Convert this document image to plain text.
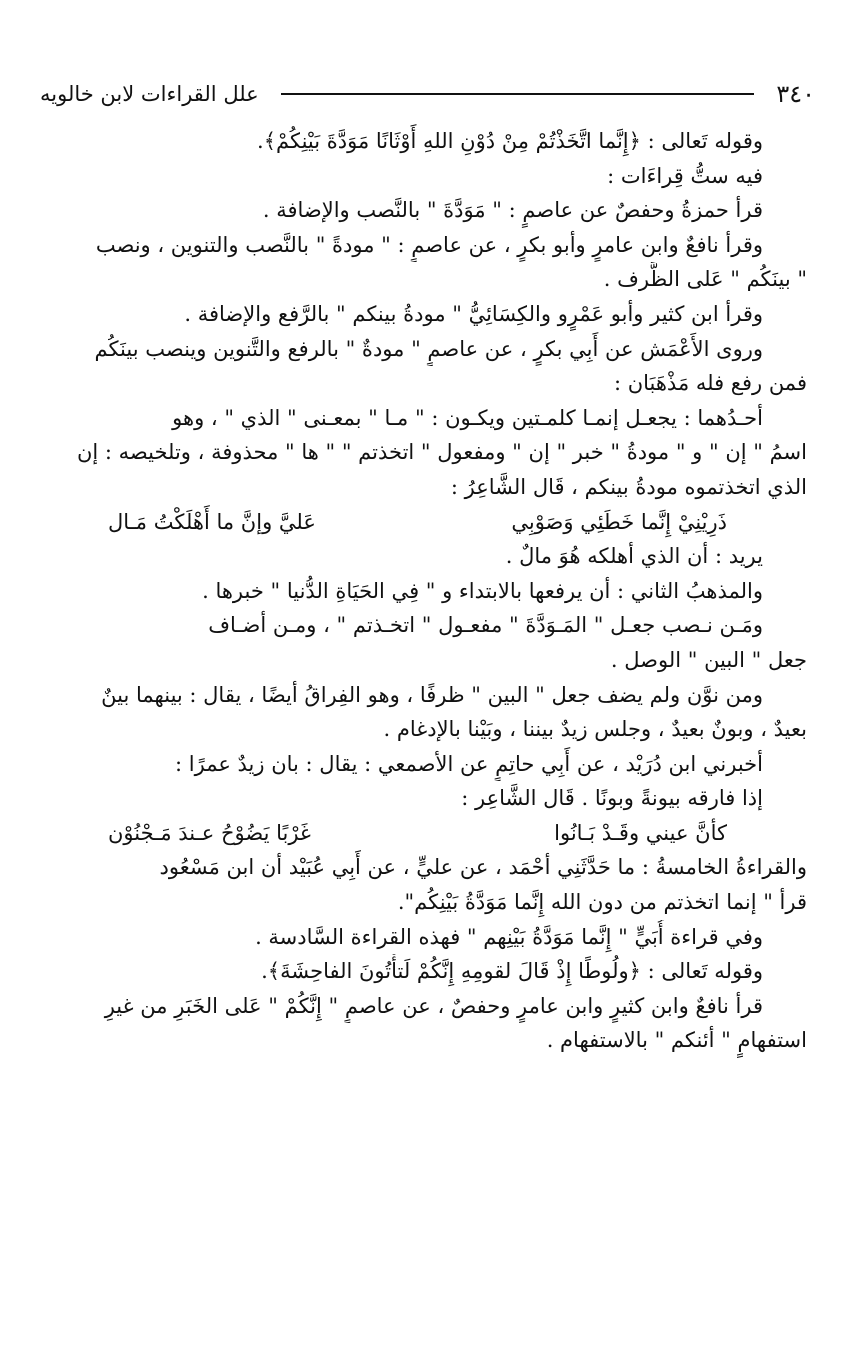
٣٤٠
علل القراءات لابن خالويه

وقوله تَعالى : ﴿إِنَّما اتَّخَذْتُمْ مِنْ دُوْنِ اللهِ أَوْثَانًا مَوَدَّةَ بَيْنِكُمْ﴾.

فيه ستُّ قِراءَات :

قرأ حمزةُ وحفصٌ عن عاصمٍ : " مَوَدَّةَ " بالنَّصب والإضافة .

وقرأ نافعٌ وابن عامرٍ وأبو بكرٍ ، عن عاصمٍ : " مودةً " بالنَّصب والتنوين ، ونصب

" بينَكُم " عَلى الظَّرف .

وقرأ ابن كثير وأبو عَمْرٍو والكِسَائِيُّ " مودةُ بينكم " بالرَّفع والإضافة .

وروى الأَعْمَش عن أَبِي بكرٍ ، عن عاصمٍ " مودةٌ " بالرفع والتَّنوين وينصب بينَكُم

فمن رفع فله مَذْهَبَان :

أحـدُهما : يجعـل إنمـا كلمـتين ويكـون : " مـا " بمعـنى " الذي " ، وهو

اسمُ " إن " و " مودةُ " خبر " إن " ومفعول " اتخذتم " " ها " محذوفة ، وتلخيصه : إن

الذي اتخذتموه مودةُ بينكم ، قَال الشَّاعِرُ :

ذَرِيْنِيْ إِنَّما خَطَئِي وَصَوْبِي
عَليَّ وإنَّ ما أَهْلَكْتُ مَـال

يريد : أن الذي أهلكه هُوَ مالٌ .

والمذهبُ الثاني : أن يرفعها بالابتداء و " فِي الحَيَاةِ الدُّنيا " خبرها .

ومَـن نـصب جعـل " المَـوَدَّةَ " مفعـول " اتخـذتم " ، ومـن أضـاف

جعل " البين " الوصل .

ومن نوَّن ولم يضف جعل " البين " ظرفًا ، وهو الفِراقُ أيضًا ، يقال : بينهما بينٌ

بعيدٌ ، وبونٌ بعيدٌ ، وجلس زيدٌ بيننا ، وبَيْنا بالإدغام .

أخبرني ابن دُرَيْد ، عن أَبِي حاتِمٍ عن الأصمعي : يقال : بان زيدٌ عمرًا :

إذا فارقه بيونةً وبونًا . قَال الشَّاعِر :

كأنَّ عيني وقَـدْ بَـانُوا
غَرْبًا يَضُوْحُ عـندَ مَـجْنُوْن

والقراءةُ الخامسةُ : ما حَدَّثَنِي أحْمَد ، عن عليٍّ ، عن أَبِي عُبَيْد أن ابن مَسْعُود

قرأ " إنما اتخذتم من دون الله إِنَّما مَوَدَّةُ بَيْنِكُم".

وفي قراءة أُبَيٍّ " إِنَّما مَوَدَّةُ بَيْنِهم " فهذه القراءة السَّادسة .

وقوله تَعالى : ﴿ولُوطًا إِذْ قَالَ لقومِهِ إِنَّكُمْ لَتأْتُونَ الفاحِشَةَ﴾.

قرأ نافعٌ وابن كثيرٍ وابن عامرٍ وحفصٌ ، عن عاصمٍ " إِنَّكُمْ " عَلى الخَبَرِ من غيرِ

استفهامٍ " أئنكم " بالاستفهام .
